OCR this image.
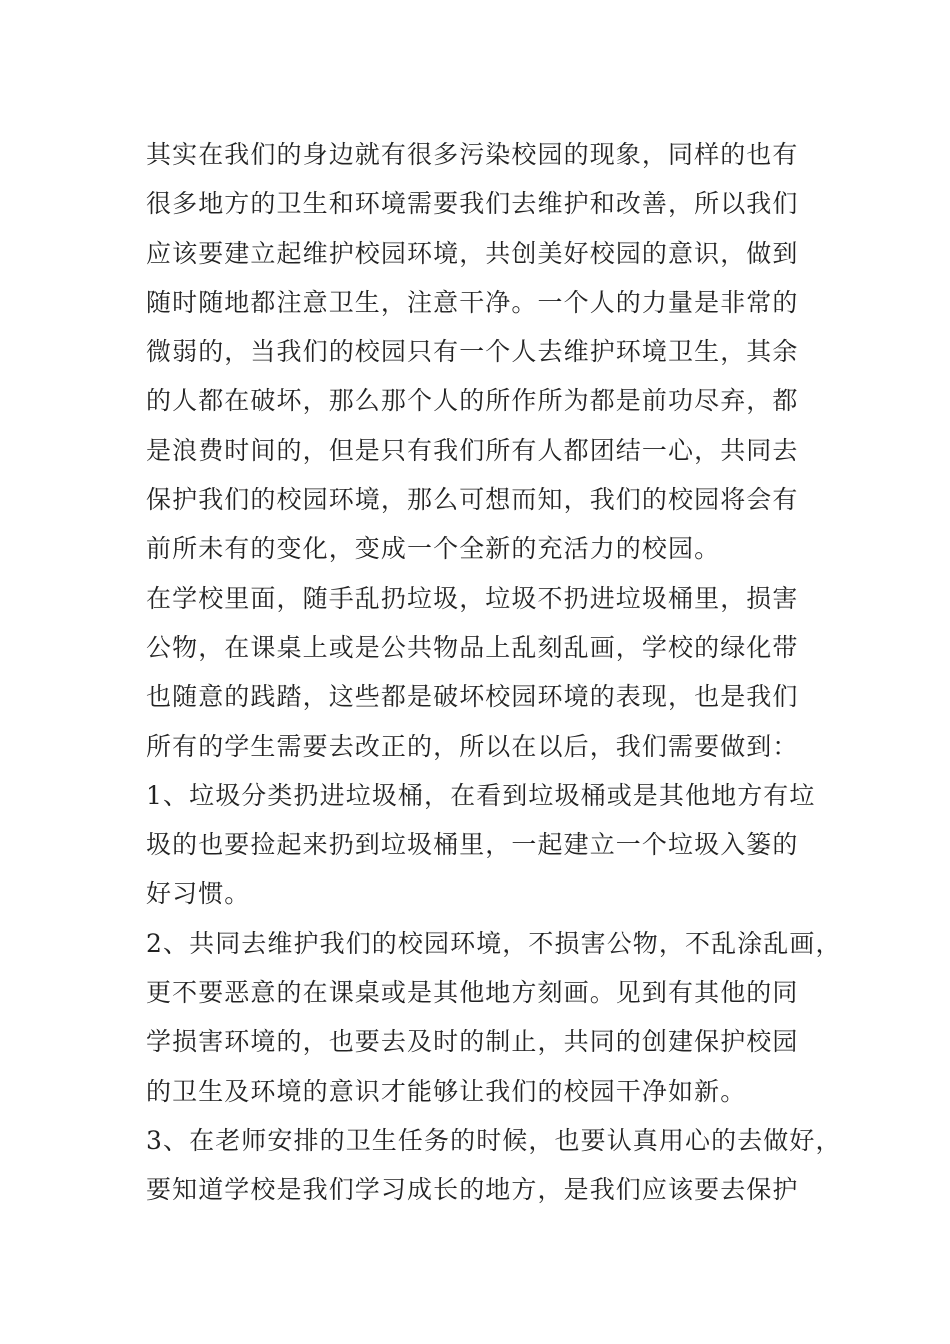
其实在我们的身边就有很多污染校园的现象，同样的也有
很多地方的卫生和环境需要我们去维护和改善，所以我们
应该要建立起维护校园环境，共创美好校园的意识，做到
随时随地都注意卫生，注意干净。一个人的力量是非常的
微弱的，当我们的校园只有一个人去维护环境卫生，其余
的人都在破坏，那么那个人的所作所为都是前功尽弃，都
是浪费时间的，但是只有我们所有人都团结一心，共同去
保护我们的校园环境，那么可想而知，我们的校园将会有
前所未有的变化，变成一个全新的充活力的校园。
在学校里面，随手乱扔垃圾，垃圾不扔进垃圾桶里，损害
公物，在课桌上或是公共物品上乱刻乱画，学校的绿化带
也随意的践踏，这些都是破坏校园环境的表现，也是我们
所有的学生需要去改正的，所以在以后，我们需要做到：
1、垃圾分类扔进垃圾桶，在看到垃圾桶或是其他地方有垃
圾的也要捡起来扔到垃圾桶里，一起建立一个垃圾入篓的
好习惯。
2、共同去维护我们的校园环境，不损害公物，不乱涂乱画，
更不要恶意的在课桌或是其他地方刻画。见到有其他的同
学损害环境的，也要去及时的制止，共同的创建保护校园
的卫生及环境的意识才能够让我们的校园干净如新。
3、在老师安排的卫生任务的时候，也要认真用心的去做好，
要知道学校是我们学习成长的地方，是我们应该要去保护
